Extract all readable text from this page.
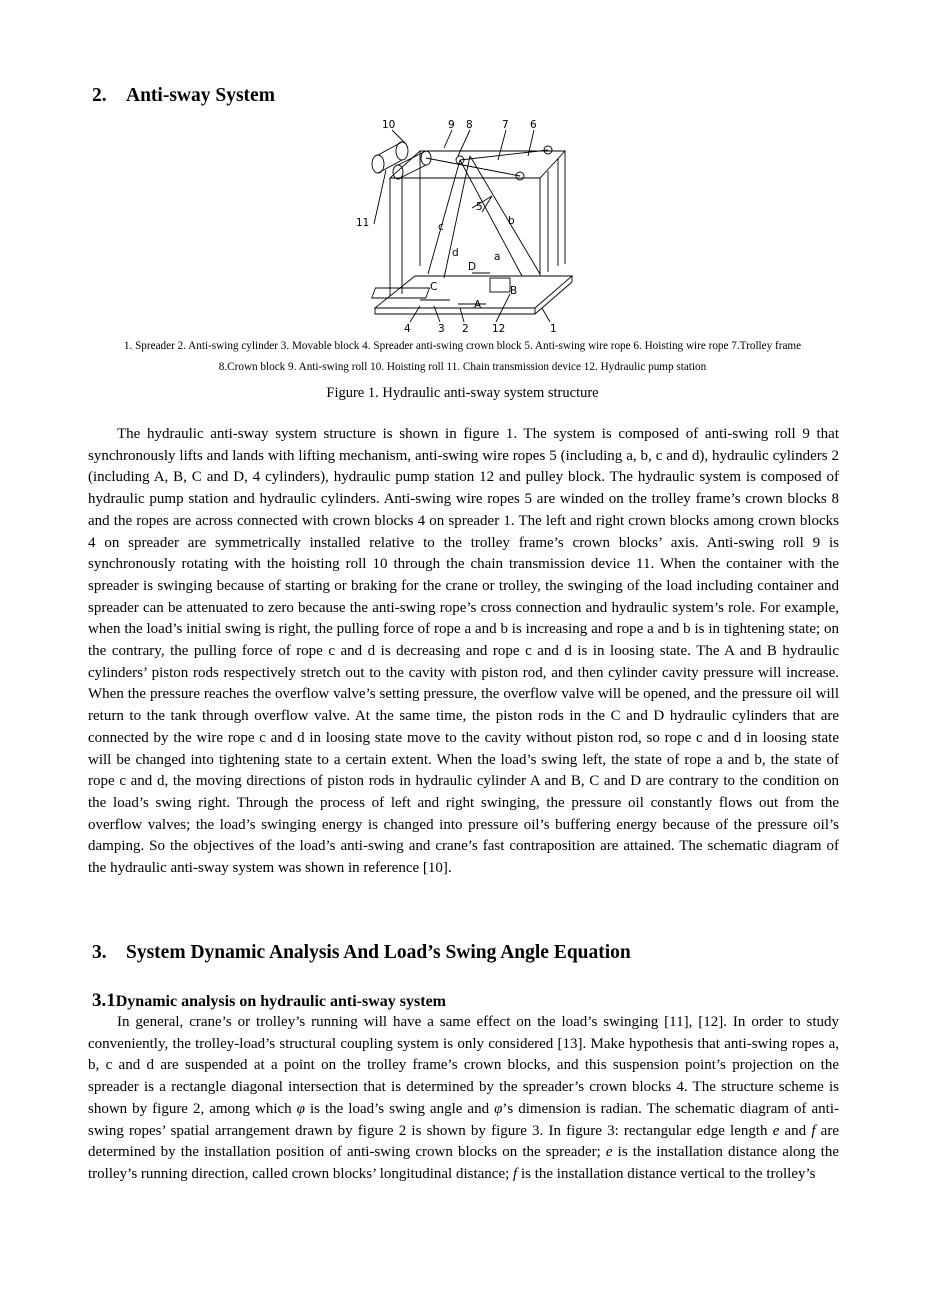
2. Anti-sway System
10	9 8	7 6
5
11	b
c
d	a
D
C
A
B
4	3 2 12	1
1. Spreader 2. Anti-swing cylinder 3. Movable block 4. Spreader anti-swing crown block 5. Anti-swing wire rope 6. Hoisting wire rope 7.Trolley frame
8.Crown block 9. Anti-swing roll 10. Hoisting roll 11. Chain transmission device 12. Hydraulic pump station
Figure 1. Hydraulic anti-sway system structure

The hydraulic anti-sway system structure is shown in figure 1. The system is composed of anti-swing roll 9 that synchronously lifts and lands with lifting mechanism, anti-swing wire ropes 5 (including a, b, c and d), hydraulic cylinders 2 (including A, B, C and D, 4 cylinders), hydraulic pump station 12 and pulley block. The hydraulic system is composed of hydraulic pump station and hydraulic cylinders. Anti-swing wire ropes 5 are winded on the trolley frame’s crown blocks 8 and the ropes are across connected with crown blocks 4 on spreader 1. The left and right crown blocks among crown blocks 4 on spreader are symmetrically installed relative to the trolley frame’s crown blocks’ axis. Anti-swing roll 9 is synchronously rotating with the hoisting roll 10 through the chain transmission device 11. When the container with the spreader is swinging because of starting or braking for the crane or trolley, the swinging of the load including container and spreader can be attenuated to zero because the anti-swing rope’s cross connection and hydraulic system’s role. For example, when the load’s initial swing is right, the pulling force of rope a and b is increasing and rope a and b is in tightening state; on the contrary, the pulling force of rope c and d is decreasing and rope c and d is in loosing state. The A and B hydraulic cylinders’ piston rods respectively stretch out to the cavity with piston rod, and then cylinder cavity pressure will increase. When the pressure reaches the overflow valve’s setting pressure, the overflow valve will be opened, and the pressure oil will return to the tank through overflow valve. At the same time, the piston rods in the C and D hydraulic cylinders that are connected by the wire rope c and d in loosing state move to the cavity without piston rod, so rope c and d in loosing state will be changed into tightening state to a certain extent. When the load’s swing left, the state of rope a and b, the state of rope c and d, the moving directions of piston rods in hydraulic cylinder A and B, C and D are contrary to the condition on the load’s swing right. Through the process of left and right swinging, the pressure oil constantly flows out from the overflow valves; the load’s swinging energy is changed into pressure oil’s buffering energy because of the pressure oil’s damping. So the objectives of the load’s anti-swing and crane’s fast contraposition are attained. The schematic diagram of the hydraulic anti-sway system was shown in reference [10].

3. System Dynamic Analysis And Load’s Swing Angle Equation
3.1Dynamic analysis on hydraulic anti-sway system

In general, crane’s or trolley’s running will have a same effect on the load’s swinging [11], [12]. In order to study conveniently, the trolley-load’s structural coupling system is only considered [13]. Make hypothesis that anti-swing ropes a, b, c and d are suspended at a point on the trolley frame’s crown blocks, and this suspension point’s projection on the spreader is a rectangle diagonal intersection that is determined by the spreader’s crown blocks 4. The structure scheme is shown by figure 2, among which φ is the load’s swing angle and φ’s dimension is radian. The schematic diagram of anti-swing ropes’ spatial arrangement drawn by figure 2 is shown by figure 3. In figure 3: rectangular edge length e and f are determined by the installation position of anti-swing crown blocks on the spreader; e is the installation distance along the trolley’s running direction, called crown blocks’ longitudinal distance; f is the installation distance vertical to the trolley’s
